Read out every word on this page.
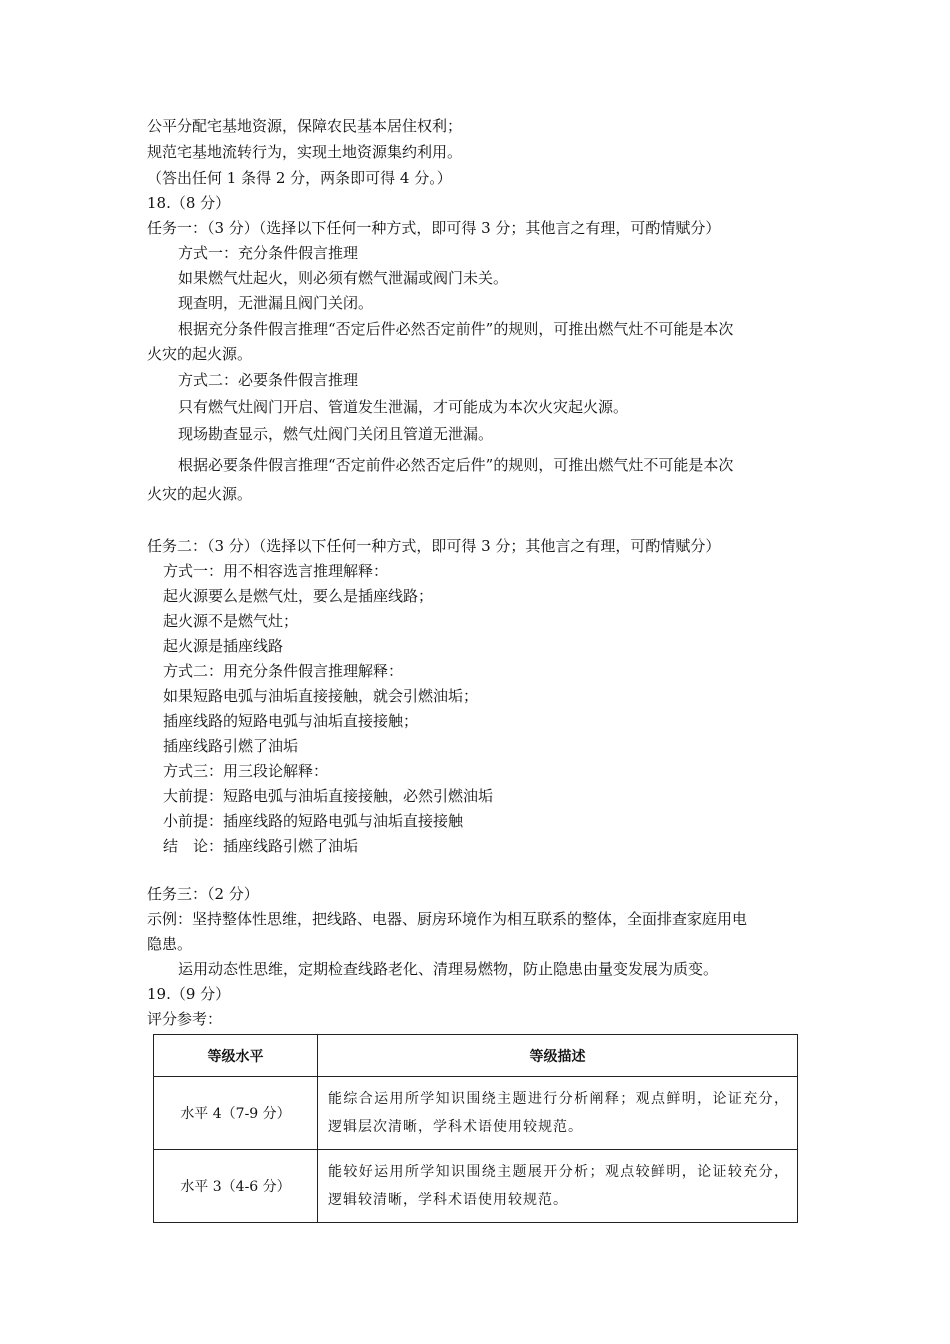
公平分配宅基地资源，保障农民基本居住权利；
规范宅基地流转行为，实现土地资源集约利用。
（答出任何 1 条得 2 分，两条即可得 4 分。）
18.（8 分）
任务一：（3 分）（选择以下任何一种方式，即可得 3 分；其他言之有理，可酌情赋分）
方式一：充分条件假言推理
如果燃气灶起火，则必须有燃气泄漏或阀门未关。
现查明，无泄漏且阀门关闭。
根据充分条件假言推理“否定后件必然否定前件”的规则，可推出燃气灶不可能是本次
火灾的起火源。
方式二：必要条件假言推理
只有燃气灶阀门开启、管道发生泄漏，才可能成为本次火灾起火源。
现场勘查显示，燃气灶阀门关闭且管道无泄漏。
根据必要条件假言推理“否定前件必然否定后件”的规则，可推出燃气灶不可能是本次
火灾的起火源。
任务二：（3 分）（选择以下任何一种方式，即可得 3 分；其他言之有理，可酌情赋分）
方式一：用不相容选言推理解释：
起火源要么是燃气灶，要么是插座线路；
起火源不是燃气灶；
起火源是插座线路
方式二：用充分条件假言推理解释：
如果短路电弧与油垢直接接触，就会引燃油垢；
插座线路的短路电弧与油垢直接接触；
插座线路引燃了油垢
方式三：用三段论解释：
大前提：短路电弧与油垢直接接触，必然引燃油垢
小前提：插座线路的短路电弧与油垢直接接触
结　论：插座线路引燃了油垢
任务三：（2 分）
示例：坚持整体性思维，把线路、电器、厨房环境作为相互联系的整体，全面排查家庭用电
隐患。
运用动态性思维，定期检查线路老化、清理易燃物，防止隐患由量变发展为质变。
19.（9 分）
评分参考：
等级水平	等级描述
水平 4（7-9 分）	能综合运用所学知识围绕主题进行分析阐释；观点鲜明，论证充分，逻辑层次清晰，学科术语使用较规范。
水平 3（4-6 分）	能较好运用所学知识围绕主题展开分析；观点较鲜明，论证较充分，逻辑较清晰，学科术语使用较规范。
